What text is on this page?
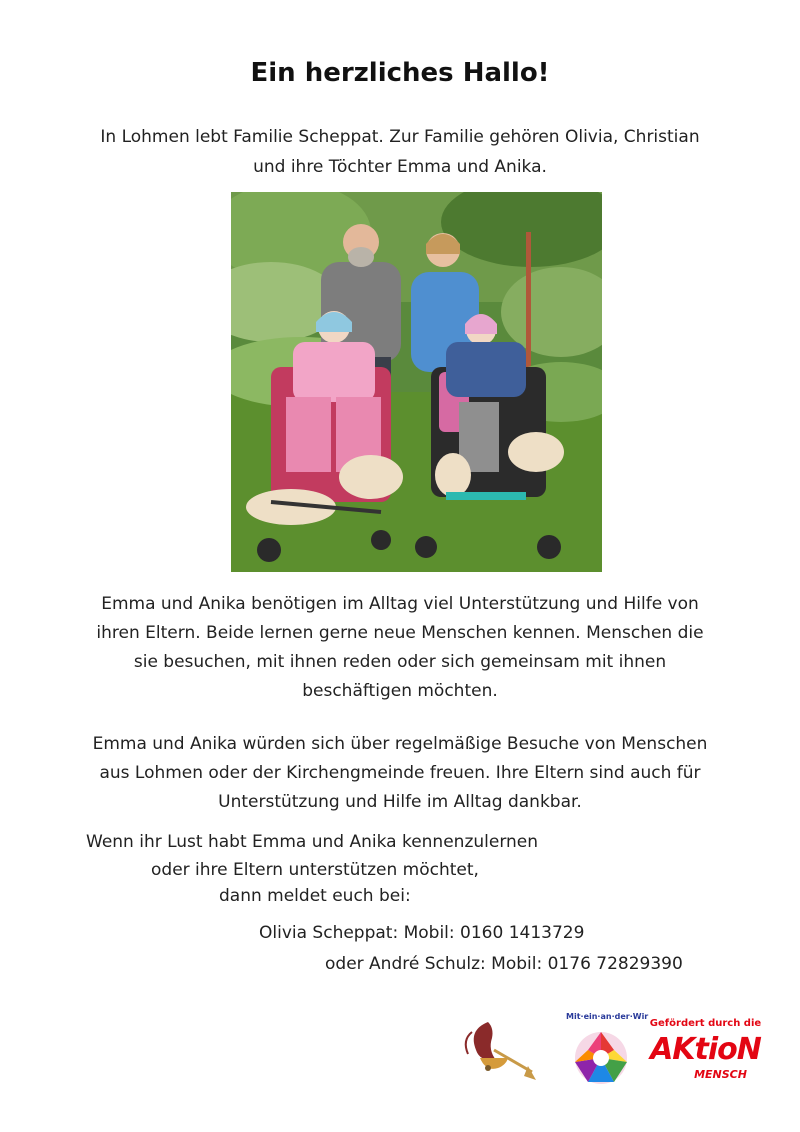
Ein herzliches Hallo!
In Lohmen lebt Familie Scheppat. Zur Familie gehören Olivia, Christian
und ihre Töchter Emma und Anika.
Emma und Anika benötigen im Alltag viel Unterstützung und Hilfe von
ihren Eltern. Beide lernen gerne neue Menschen kennen. Menschen die
sie besuchen, mit ihnen reden oder sich gemeinsam mit ihnen
beschäftigen möchten.
Emma und Anika würden sich über regelmäßige Besuche von Menschen
aus Lohmen oder der Kirchengmeinde freuen. Ihre Eltern sind auch für
Unterstützung und Hilfe im Alltag dankbar.
Wenn ihr Lust habt Emma und Anika kennenzulernen
oder ihre Eltern unterstützen möchtet,
dann meldet euch bei:
Olivia Scheppat: Mobil: 0160 1413729
oder André Schulz: Mobil: 0176 72829390
Mit·ein·an·der·Wir
Gefördert durch die
AKtioN
MENSCH
